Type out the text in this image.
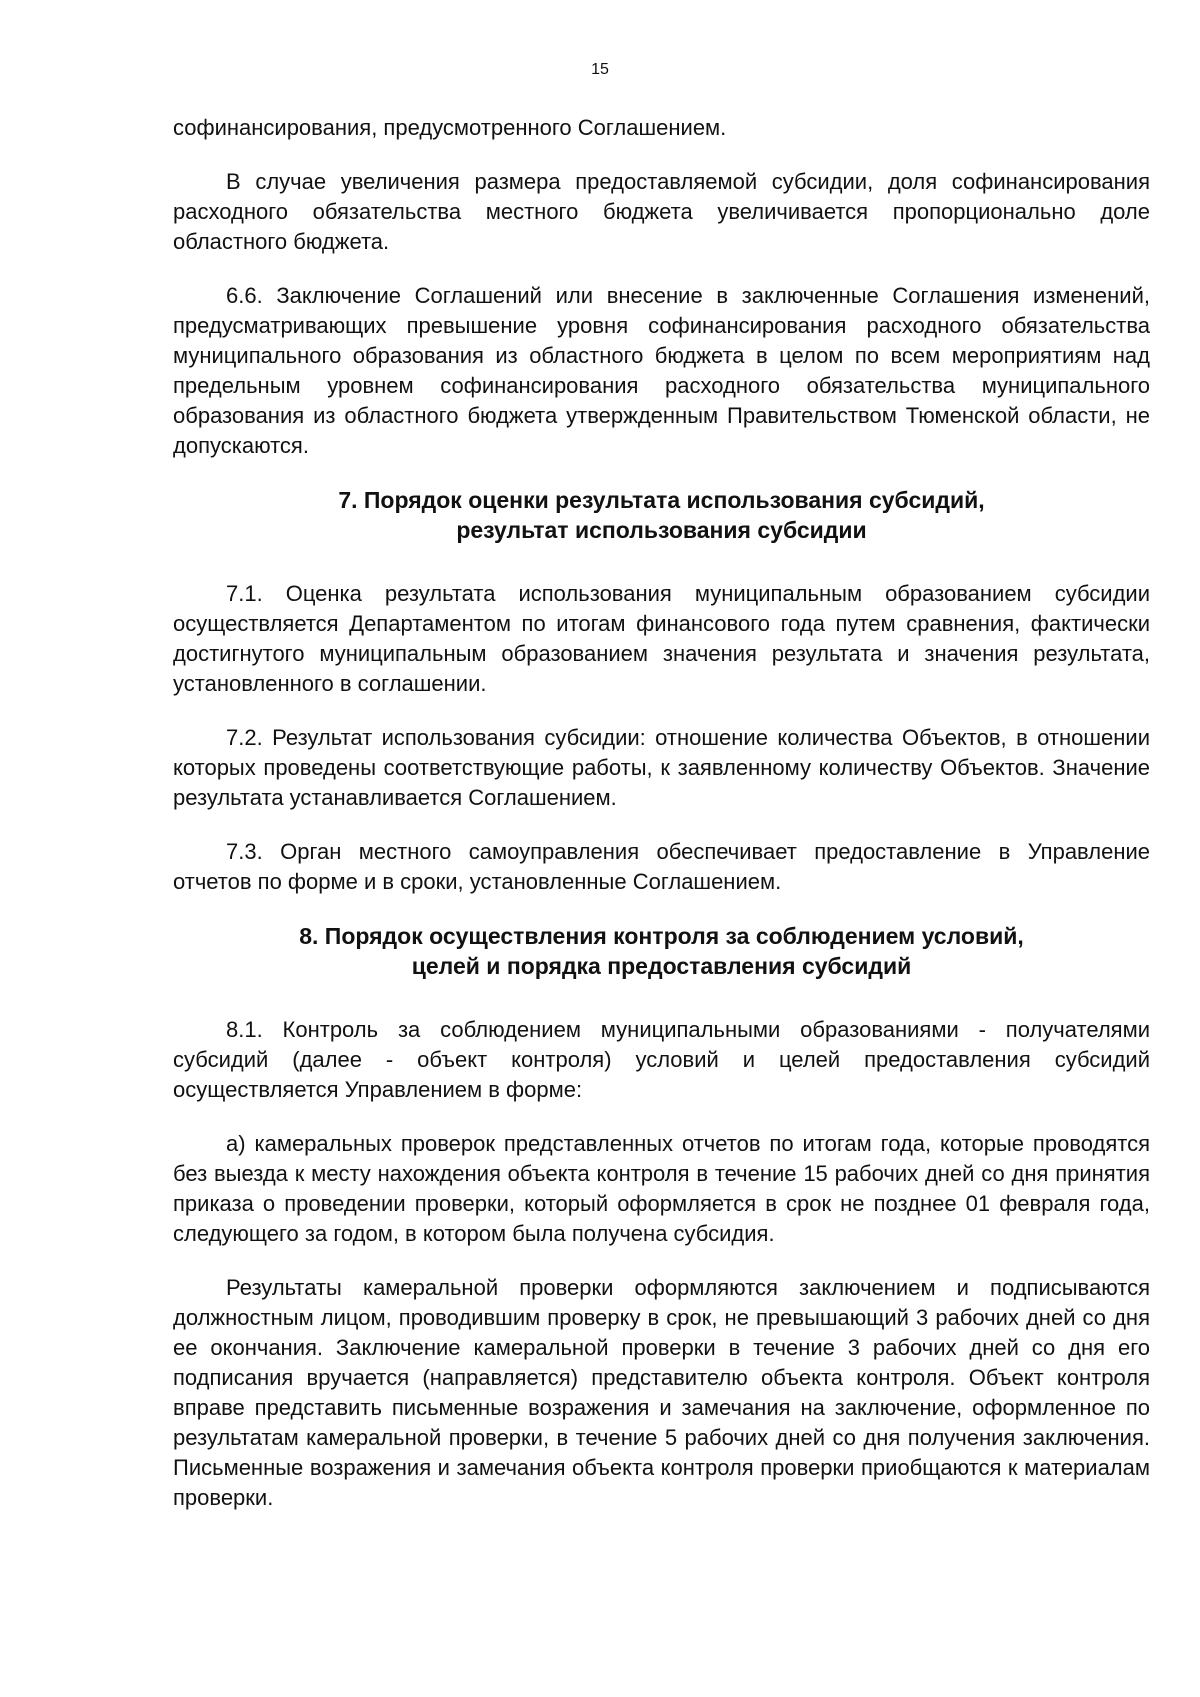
15

софинансирования, предусмотренного Соглашением.

В случае увеличения размера предоставляемой субсидии, доля софинансирования расходного обязательства местного бюджета увеличивается пропорционально доле областного бюджета.

6.6. Заключение Соглашений или внесение в заключенные Соглашения изменений, предусматривающих превышение уровня софинансирования расходного обязательства муниципального образования из областного бюджета в целом по всем мероприятиям над предельным уровнем софинансирования расходного обязательства муниципального образования из областного бюджета утвержденным Правительством Тюменской области, не допускаются.

7. Порядок оценки результата использования субсидий,
результат использования субсидии

7.1. Оценка результата использования муниципальным образованием субсидии осуществляется Департаментом по итогам финансового года путем сравнения, фактически достигнутого муниципальным образованием значения результата и значения результата, установленного в соглашении.

7.2. Результат использования субсидии: отношение количества Объектов, в отношении которых проведены соответствующие работы, к заявленному количеству Объектов. Значение результата устанавливается Соглашением.

7.3. Орган местного самоуправления обеспечивает предоставление в Управление отчетов по форме и в сроки, установленные Соглашением.

8. Порядок осуществления контроля за соблюдением условий,
целей и порядка предоставления субсидий

8.1. Контроль за соблюдением муниципальными образованиями - получателями субсидий (далее - объект контроля) условий и целей предоставления субсидий осуществляется Управлением в форме:

а) камеральных проверок представленных отчетов по итогам года, которые проводятся без выезда к месту нахождения объекта контроля в течение 15 рабочих дней со дня принятия приказа о проведении проверки, который оформляется в срок не позднее 01 февраля года, следующего за годом, в котором была получена субсидия.

Результаты камеральной проверки оформляются заключением и подписываются должностным лицом, проводившим проверку в срок, не превышающий 3 рабочих дней со дня ее окончания. Заключение камеральной проверки в течение 3 рабочих дней со дня его подписания вручается (направляется) представителю объекта контроля. Объект контроля вправе представить письменные возражения и замечания на заключение, оформленное по результатам камеральной проверки, в течение 5 рабочих дней со дня получения заключения. Письменные возражения и замечания объекта контроля проверки приобщаются к материалам проверки.
